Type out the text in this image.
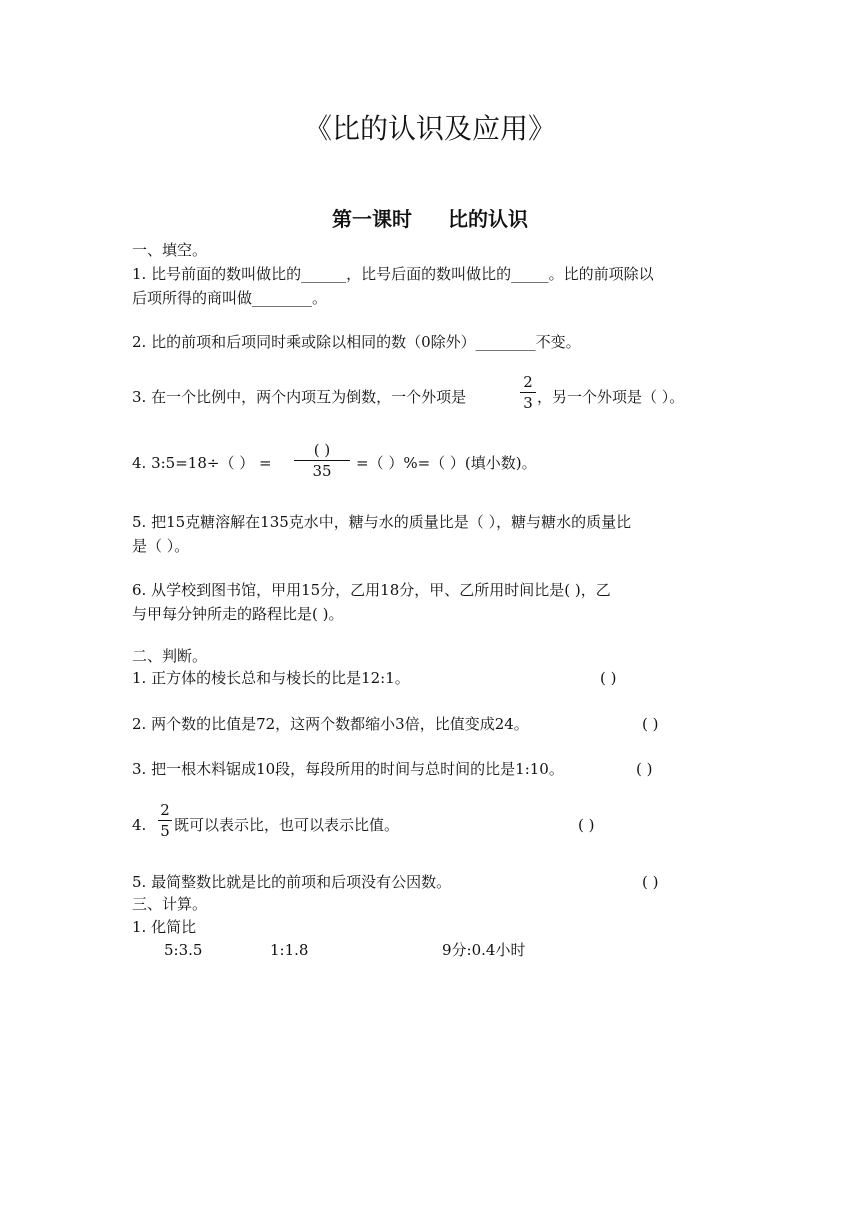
《比的认识及应用》
第一课时 比的认识
一、填空。
1. 比号前面的数叫做比的______，比号后面的数叫做比的_____。比的前项除以
后项所得的商叫做________。
2. 比的前项和后项同时乘或除以相同的数（0除外）________不变。
3. 在一个比例中，两个内项互为倒数，一个外项是
2
3 ，另一个外项是（ ）。
4. 3:5=18÷（ ） =
( )
35	=（ ）%=（ ）(填小数)。
5. 把15克糖溶解在135克水中，糖与水的质量比是（ ），糖与糖水的质量比
是（ ）。
6. 从学校到图书馆，甲用15分，乙用18分，甲、乙所用时间比是( )，乙
与甲每分钟所走的路程比是( )。
二、判断。
1. 正方体的棱长总和与棱长的比是12:1。	( )
2. 两个数的比值是72，这两个数都缩小3倍，比值变成24。	( )
3. 把一根木料锯成10段，每段所用的时间与总时间的比是1:10。	( )
4.
2
5 既可以表示比，也可以表示比值。	( )
5. 最简整数比就是比的前项和后项没有公因数。	( )
三、计算。
1. 化简比
5:3.5	1:1.8	9分:0.4小时
